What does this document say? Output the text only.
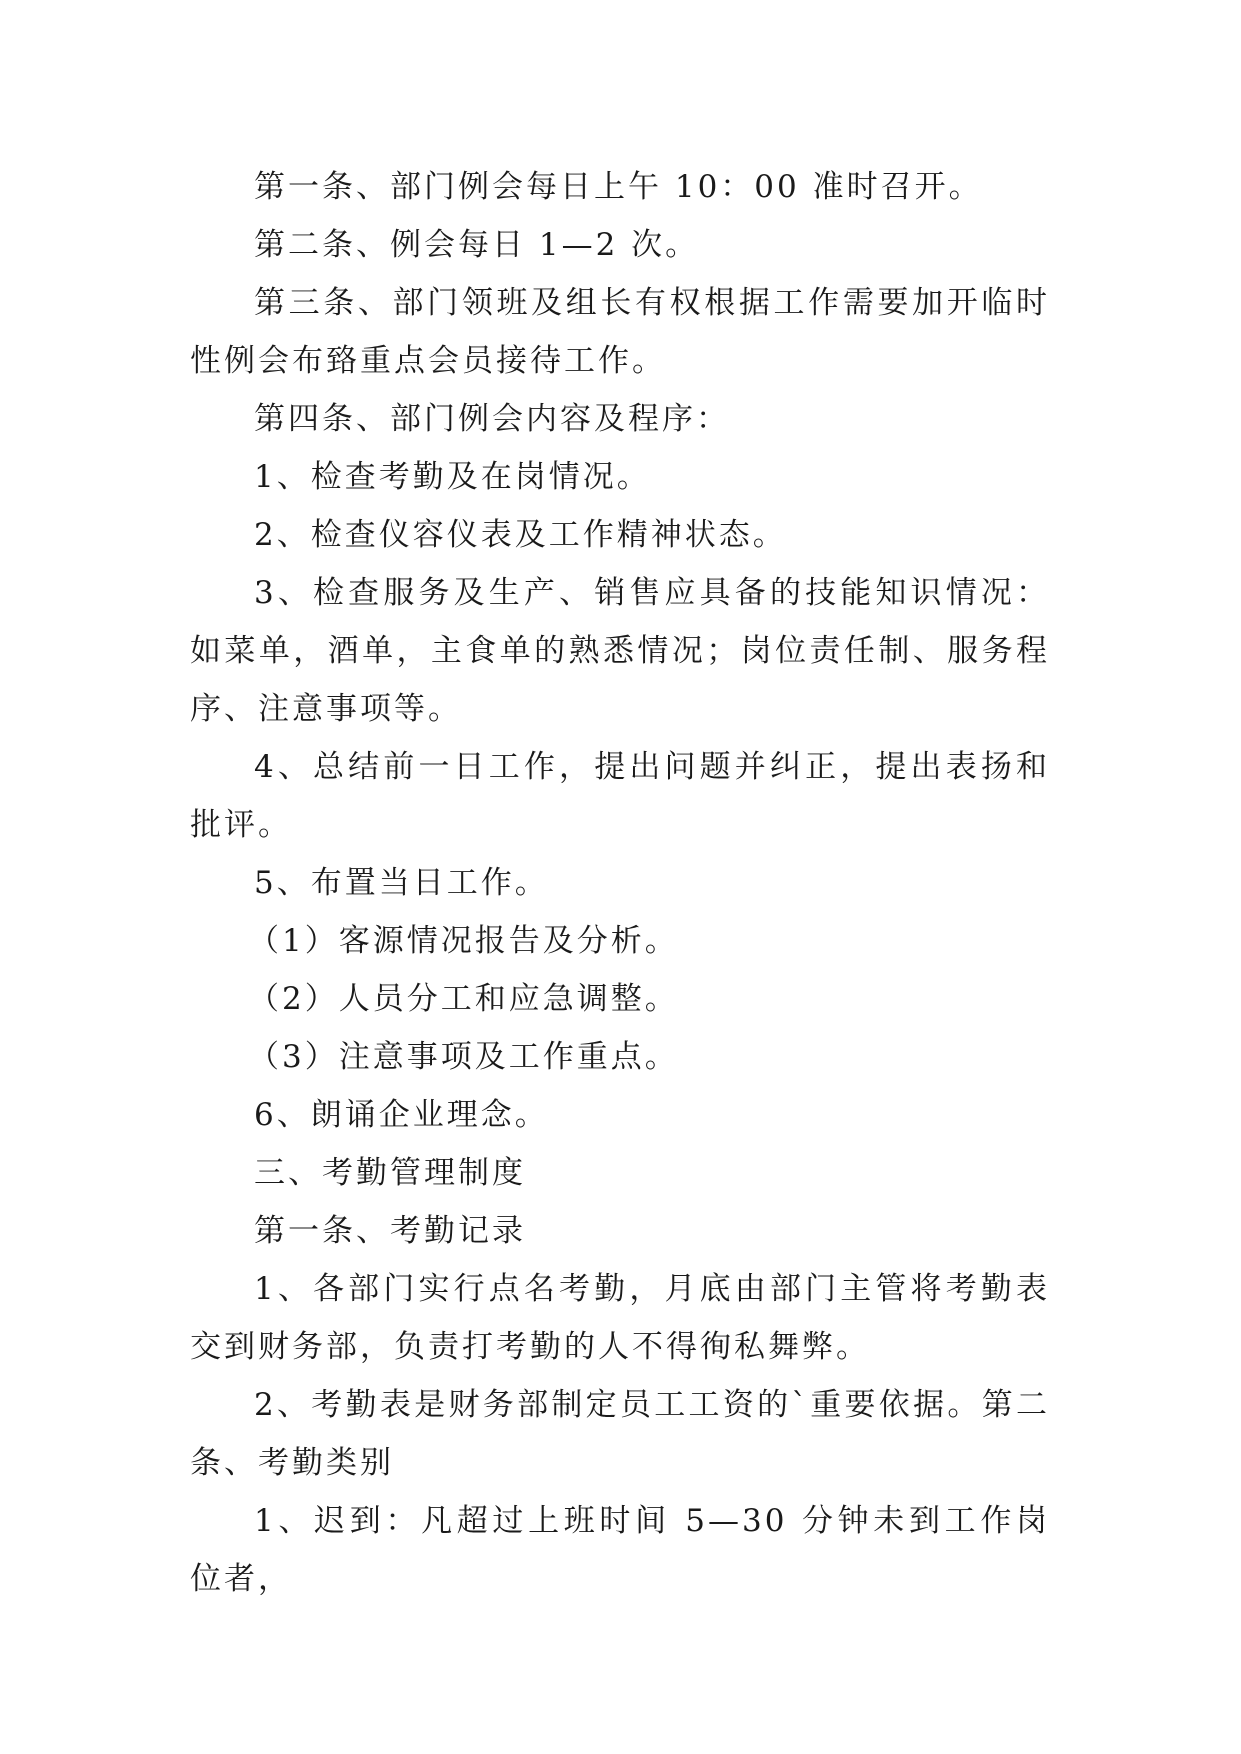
第一条、部门例会每日上午 10：00 准时召开。

第二条、例会每日 1—2 次。

第三条、部门领班及组长有权根据工作需要加开临时性例会布臵重点会员接待工作。

第四条、部门例会内容及程序：

1、检查考勤及在岗情况。

2、检查仪容仪表及工作精神状态。

3、检查服务及生产、销售应具备的技能知识情况：如菜单，酒单，主食单的熟悉情况；岗位责任制、服务程序、注意事项等。

4、总结前一日工作，提出问题并纠正，提出表扬和批评。

5、布置当日工作。

（1）客源情况报告及分析。

（2）人员分工和应急调整。

（3）注意事项及工作重点。

6、朗诵企业理念。

三、考勤管理制度

第一条、考勤记录

1、各部门实行点名考勤，月底由部门主管将考勤表交到财务部，负责打考勤的人不得徇私舞弊。

2、考勤表是财务部制定员工工资的`重要依据。第二条、考勤类别

1、迟到：凡超过上班时间 5—30 分钟未到工作岗位者，
